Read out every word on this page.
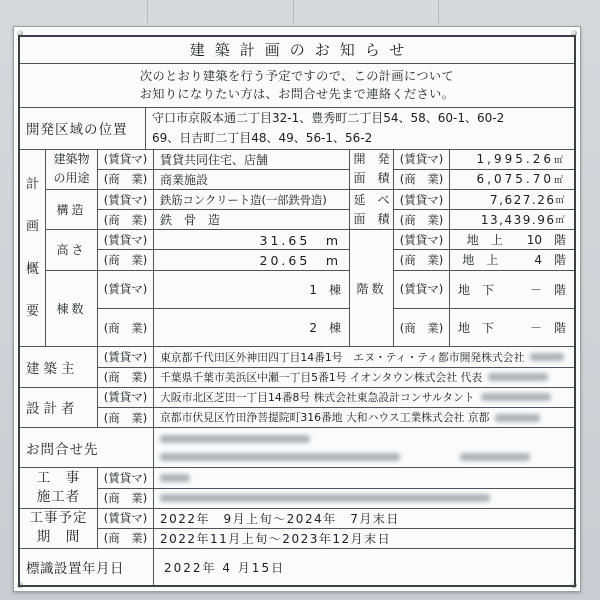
建築計画のお知らせ
次のとおり建築を行う予定ですので、この計画について
お知りになりたい方は、お問合せ先まで連絡ください。
開発区域の位置
守口市京阪本通二丁目32-1、豊秀町二丁目54、58、60-1、60-2
69、日吉町二丁目48、49、56-1、56-2
計
画
概
要
建築物
の用途
(賃貸マ)
(商　業)
賃貸共同住宅、店舗
商業施設
構造
(賃貸マ)
(商　業)
鉄筋コンクリート造(一部鉄骨造)
鉄　骨　造
高さ
(賃貸マ)
(商　業)
31.65　m
20.65　m
棟数
(賃貸マ)
(商　業)
1　棟
2　棟
開　発
面　積
(賃貸マ)
(商　業)
1,995.26 ㎡
6,075.70 ㎡
延　べ
面　積
(賃貸マ)
(商　業)
7,627.26 ㎡
13,439.96 ㎡
階数
(賃貸マ)
(商　業)
(賃貸マ)
(商　業)
地　上　　10　階
地　上　　　4　階
地　下　　　－　階
地　下　　　－　階
建築主
(賃貸マ)
(商　業)
東京都千代田区外神田四丁目14番1号　エヌ・ティ・ティ都市開発株式会社
千葉県千葉市美浜区中瀬一丁目5番1号 イオンタウン株式会社 代表
設計者
(賃貸マ)
(商　業)
大阪市北区芝田一丁目14番8号 株式会社東急設計コンサルタント
京都市伏見区竹田浄菩提院町316番地 大和ハウス工業株式会社 京都
お問合せ先
工　事
施工者
(賃貸マ)
(商　業)
工事予定
期　間
(賃貸マ)
(商　業)
2022年　9月上旬～2024年　7月末日
2022年11月上旬～2023年12月末日
標識設置年月日	2022年 4 月15日
